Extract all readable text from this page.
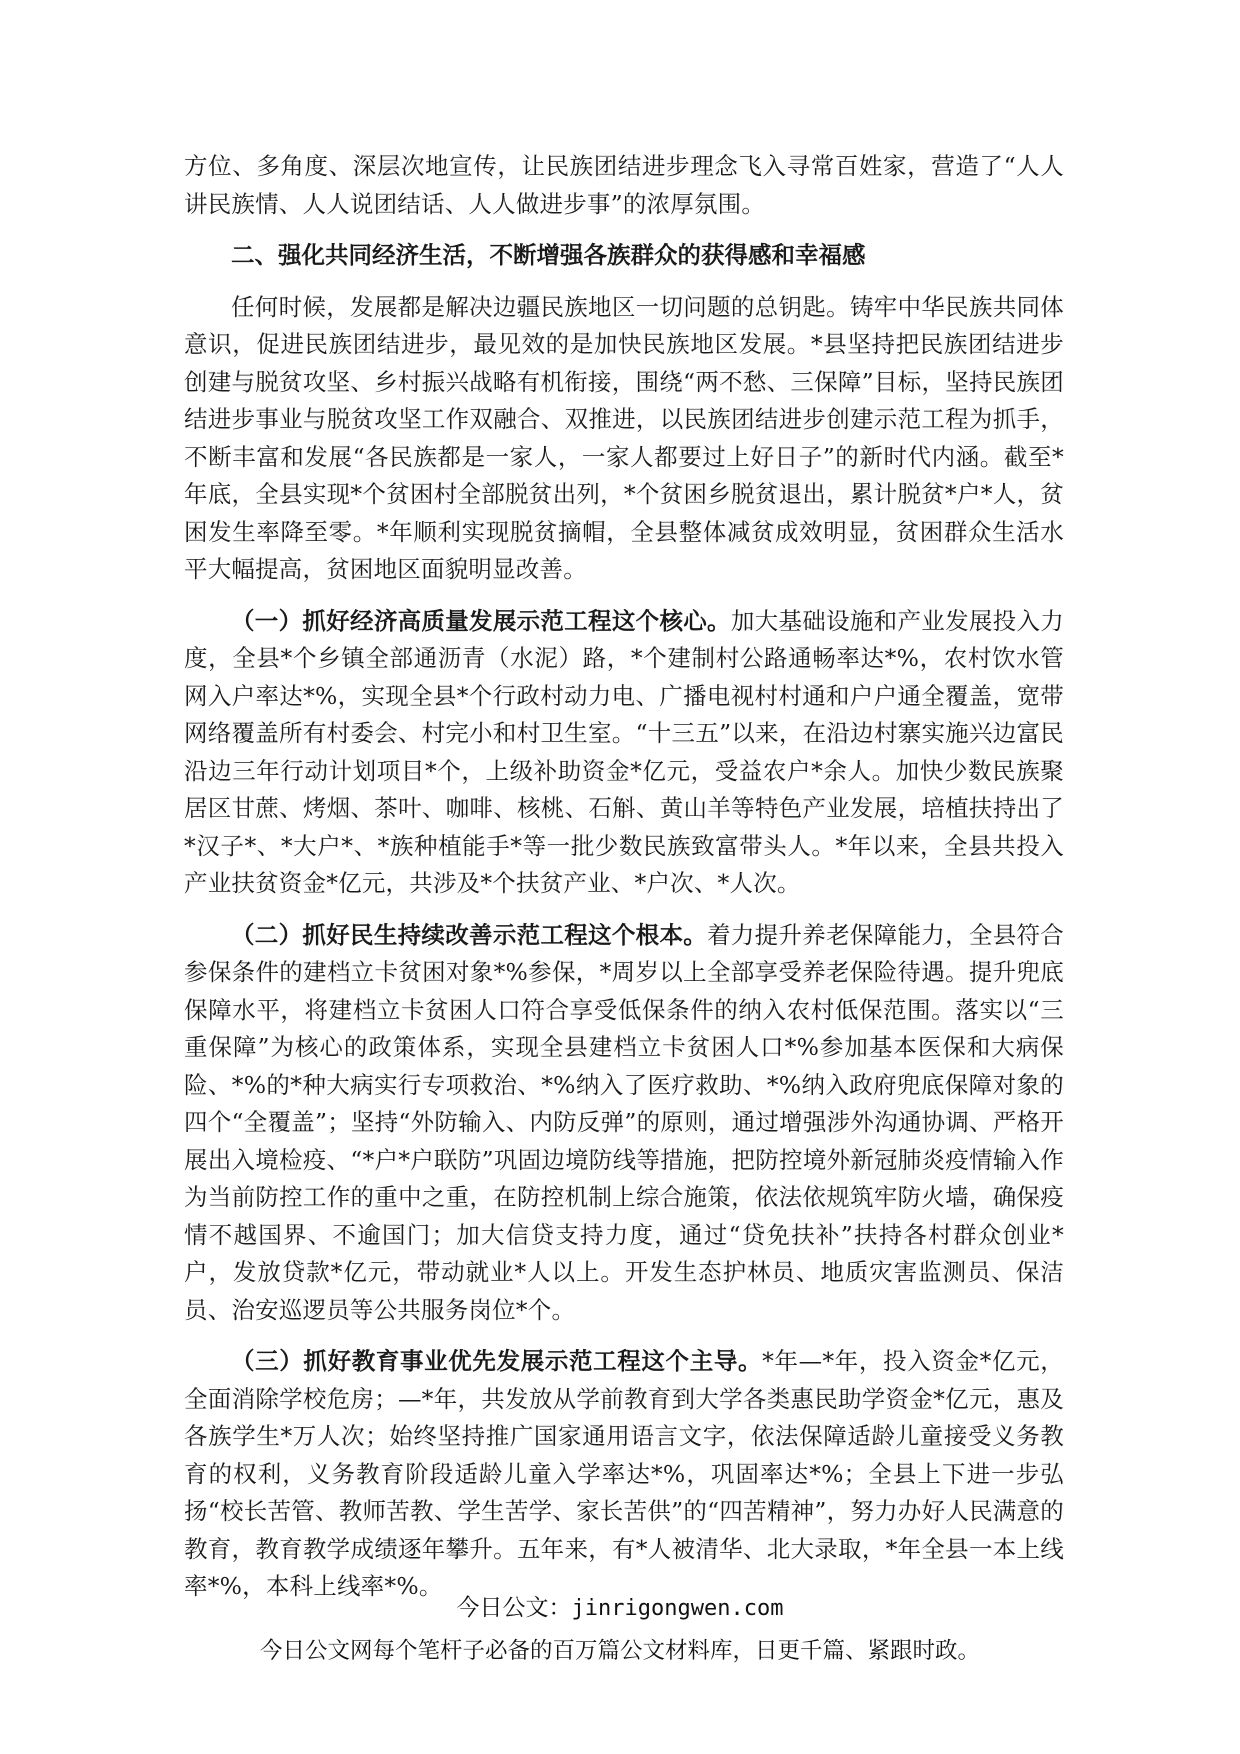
方位、多角度、深层次地宣传，让民族团结进步理念飞入寻常百姓家，营造了“人人讲民族情、人人说团结话、人人做进步事”的浓厚氛围。

二、强化共同经济生活，不断增强各族群众的获得感和幸福感

任何时候，发展都是解决边疆民族地区一切问题的总钥匙。铸牢中华民族共同体意识，促进民族团结进步，最见效的是加快民族地区发展。*县坚持把民族团结进步创建与脱贫攻坚、乡村振兴战略有机衔接，围绕“两不愁、三保障”目标，坚持民族团结进步事业与脱贫攻坚工作双融合、双推进，以民族团结进步创建示范工程为抓手，不断丰富和发展“各民族都是一家人，一家人都要过上好日子”的新时代内涵。截至*年底，全县实现*个贫困村全部脱贫出列，*个贫困乡脱贫退出，累计脱贫*户*人，贫困发生率降至零。*年顺利实现脱贫摘帽，全县整体减贫成效明显，贫困群众生活水平大幅提高，贫困地区面貌明显改善。

（一）抓好经济高质量发展示范工程这个核心。加大基础设施和产业发展投入力度，全县*个乡镇全部通沥青（水泥）路，*个建制村公路通畅率达*%，农村饮水管网入户率达*%，实现全县*个行政村动力电、广播电视村村通和户户通全覆盖，宽带网络覆盖所有村委会、村完小和村卫生室。“十三五”以来，在沿边村寨实施兴边富民沿边三年行动计划项目*个，上级补助资金*亿元，受益农户*余人。加快少数民族聚居区甘蔗、烤烟、茶叶、咖啡、核桃、石斛、黄山羊等特色产业发展，培植扶持出了*汉子*、*大户*、*族种植能手*等一批少数民族致富带头人。*年以来，全县共投入产业扶贫资金*亿元，共涉及*个扶贫产业、*户次、*人次。

（二）抓好民生持续改善示范工程这个根本。着力提升养老保障能力，全县符合参保条件的建档立卡贫困对象*%参保，*周岁以上全部享受养老保险待遇。提升兜底保障水平，将建档立卡贫困人口符合享受低保条件的纳入农村低保范围。落实以“三重保障”为核心的政策体系，实现全县建档立卡贫困人口*%参加基本医保和大病保险、*%的*种大病实行专项救治、*%纳入了医疗救助、*%纳入政府兜底保障对象的四个“全覆盖”；坚持“外防输入、内防反弹”的原则，通过增强涉外沟通协调、严格开展出入境检疫、“*户*户联防”巩固边境防线等措施，把防控境外新冠肺炎疫情输入作为当前防控工作的重中之重，在防控机制上综合施策，依法依规筑牢防火墙，确保疫情不越国界、不逾国门；加大信贷支持力度，通过“贷免扶补”扶持各村群众创业*户，发放贷款*亿元，带动就业*人以上。开发生态护林员、地质灾害监测员、保洁员、治安巡逻员等公共服务岗位*个。

（三）抓好教育事业优先发展示范工程这个主导。*年—*年，投入资金*亿元，全面消除学校危房；—*年，共发放从学前教育到大学各类惠民助学资金*亿元，惠及各族学生*万人次；始终坚持推广国家通用语言文字，依法保障适龄儿童接受义务教育的权利，义务教育阶段适龄儿童入学率达*%，巩固率达*%；全县上下进一步弘扬“校长苦管、教师苦教、学生苦学、家长苦供”的“四苦精神”，努力办好人民满意的教育，教育教学成绩逐年攀升。五年来，有*人被清华、北大录取，*年全县一本上线率*%，本科上线率*%。

今日公文：jinrigongwen.com
今日公文网每个笔杆子必备的百万篇公文材料库，日更千篇、紧跟时政。
